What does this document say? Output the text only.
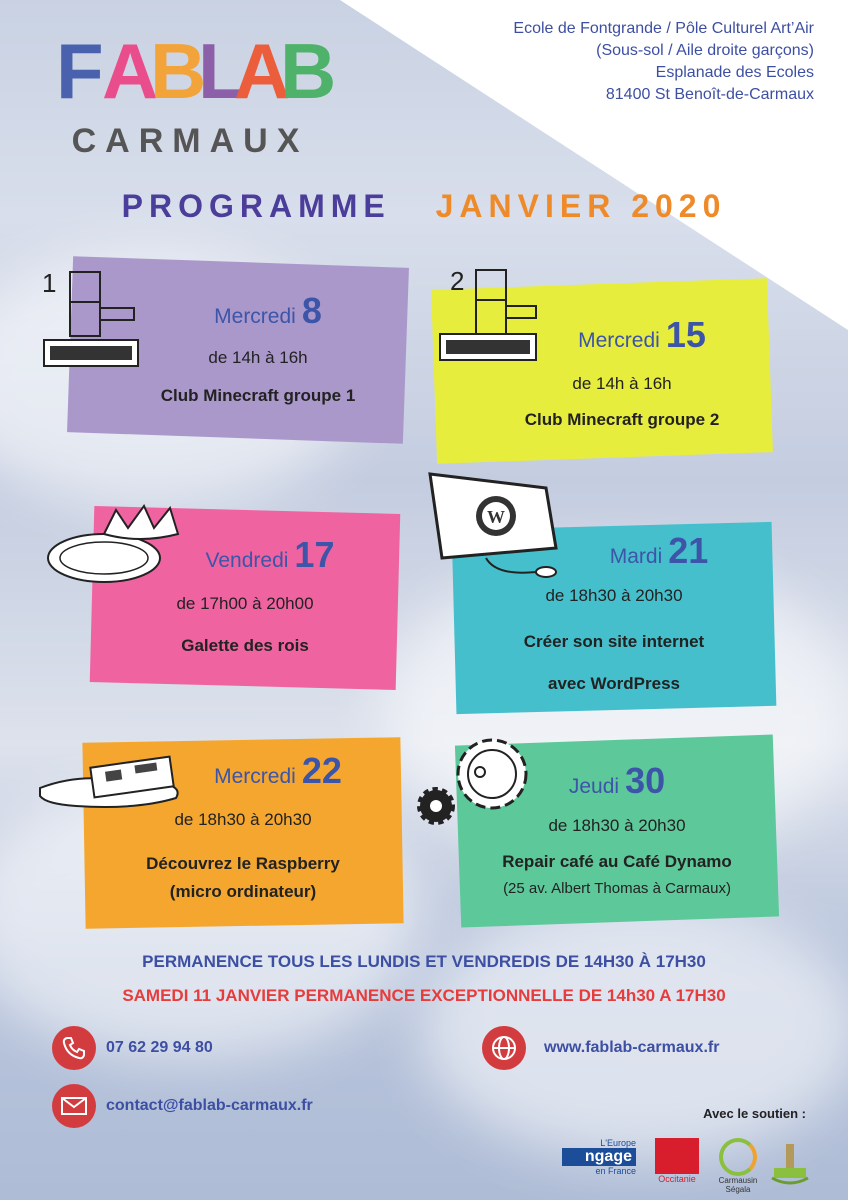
F
A
B
L
A
B
CARMAUX
Ecole de Fontgrande / Pôle Culturel Art’Air
(Sous-sol / Aile droite garçons)
Esplanade des Ecoles
81400 St Benoît-de-Carmaux
PROGRAMME JANVIER 2020
Mercredi 8
de 14h à 16h
Club Minecraft groupe 1
Mercredi 15
de 14h à 16h
Club Minecraft groupe 2
Vendredi 17
de 17h00 à 20h00
Galette des rois
Mardi 21
de 18h30 à 20h30
Créer son site internet
avec WordPress
Mercredi 22
de 18h30 à 20h30
Découvrez le Raspberry
(micro ordinateur)
Jeudi 30
de 18h30 à 20h30
Repair café au Café Dynamo
(25 av. Albert Thomas à Carmaux)
1	2
W
PERMANENCE TOUS LES LUNDIS ET VENDREDIS DE 14H30 À 17H30
SAMEDI 11 JANVIER PERMANENCE EXCEPTIONNELLE DE 14h30 A 17H30
07 62 29 94 80
contact@fablab-carmaux.fr
www.fablab-carmaux.fr
Avec le soutien :
L'Europe
ngage
en France
Occitanie	Carmausin
Ségala
